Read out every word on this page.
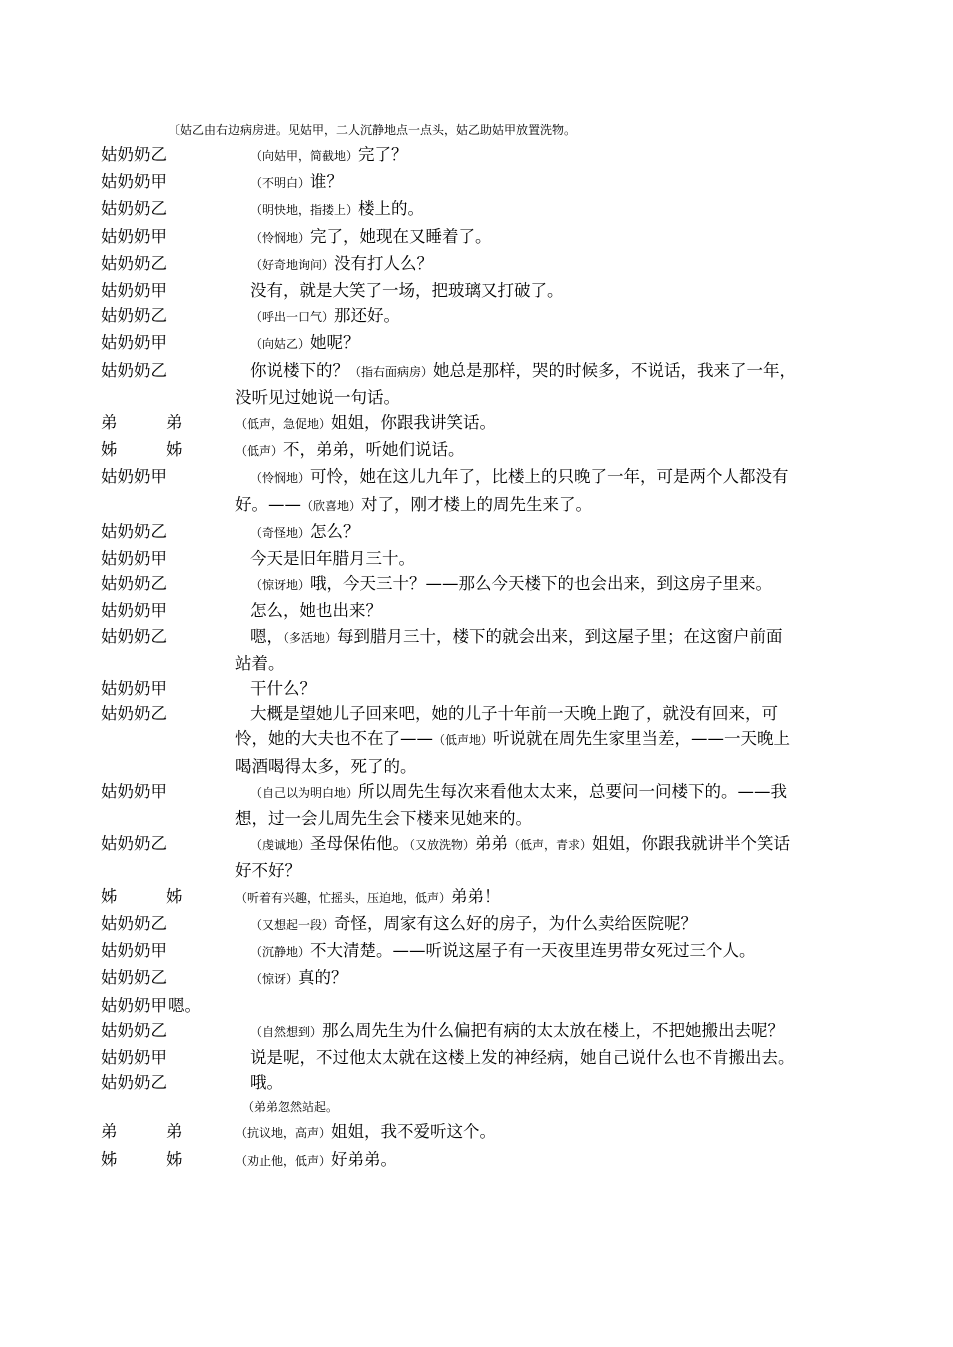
〔姑乙由右边病房进。见姑甲，二人沉静地点一点头，姑乙助姑甲放置洗物。

姑奶奶乙	（向姑甲，简截地）完了？

姑奶奶甲	（不明白）谁？

姑奶奶乙	（明快地，指搂上）楼上的。

姑奶奶甲	（怜悯地）完了，她现在又睡着了。

姑奶奶乙	（好奇地询问）没有打人么？

姑奶奶甲	没有，就是大笑了一场，把玻璃又打破了。

姑奶奶乙	（呼出一口气）那还好。

姑奶奶甲	（向姑乙）她呢？

姑奶奶乙	你说楼下的？（指右面病房）她总是那样，哭的时候多，不说话，我来了一年，没听见过她说一句话。

弟　弟	（低声，急促地）姐姐，你跟我讲笑话。

姊　姊	（低声）不，弟弟，听她们说话。

姑奶奶甲	（怜悯地）可怜，她在这儿九年了，比楼上的只晚了一年，可是两个人都没有好。——（欣喜地）对了，刚才楼上的周先生来了。

姑奶奶乙	（奇怪地）怎么？

姑奶奶甲	今天是旧年腊月三十。

姑奶奶乙	（惊讶地）哦，今天三十？——那么今天楼下的也会出来，到这房子里来。

姑奶奶甲	怎么，她也出来？

姑奶奶乙	嗯，（多活地）每到腊月三十，楼下的就会出来，到这屋子里；在这窗户前面站着。

姑奶奶甲	干什么？

姑奶奶乙	大概是望她儿子回来吧，她的儿子十年前一天晚上跑了，就没有回来，可怜，她的大夫也不在了——（低声地）听说就在周先生家里当差，——一天晚上喝酒喝得太多，死了的。

姑奶奶甲	（自己以为明白地）所以周先生每次来看他太太来，总要问一问楼下的。——我想，过一会儿周先生会下楼来见她来的。

姑奶奶乙	（虔诚地）圣母保佑他。（又放洗物）弟弟（低声，青求）姐姐，你跟我就讲半个笑话好不好？

姊　姊	（听着有兴趣，忙摇头，压迫地，低声）弟弟！

姑奶奶乙	（又想起一段）奇怪，周家有这么好的房子，为什么卖给医院呢？

姑奶奶甲	（沉静地）不大清楚。——听说这屋子有一天夜里连男带女死过三个人。

姑奶奶乙	（惊讶）真的？

姑奶奶甲嗯。

姑奶奶乙	（自然想到）那么周先生为什么偏把有病的太太放在楼上，不把她搬出去呢？

姑奶奶甲	说是呢，不过他太太就在这楼上发的神经病，她自己说什么也不肯搬出去。

姑奶奶乙	哦。

（弟弟忽然站起。

弟　弟	（抗议地，高声）姐姐，我不爱听这个。

姊　姊	（劝止他，低声）好弟弟。
